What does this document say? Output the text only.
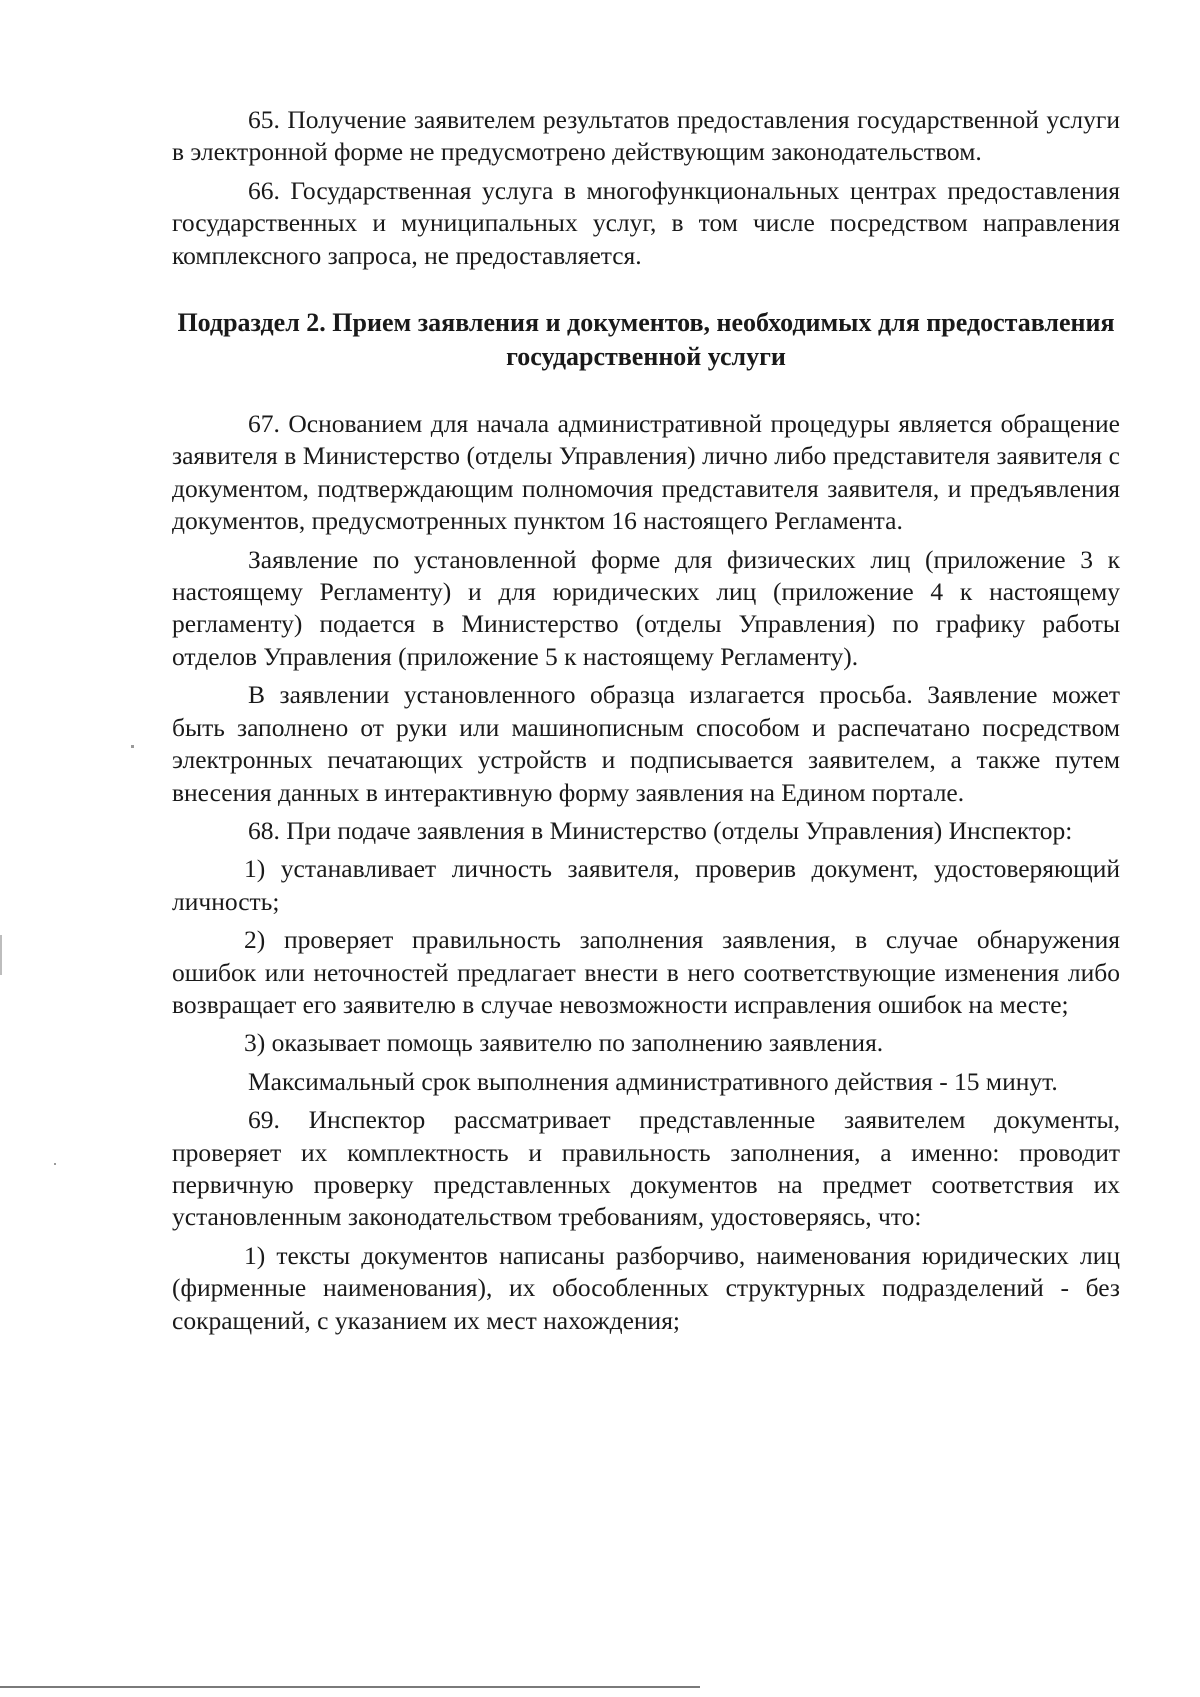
65. Получение заявителем результатов предоставления государственной услуги в электронной форме не предусмотрено действующим законодательством.

66. Государственная услуга в многофункциональных центрах предоставления государственных и муниципальных услуг, в том числе посредством направления комплексного запроса, не предоставляется.

Подраздел 2. Прием заявления и документов, необходимых для предоставления государственной услуги

67. Основанием для начала административной процедуры является обращение заявителя в Министерство (отделы Управления) лично либо представителя заявителя с документом, подтверждающим полномочия представителя заявителя, и предъявления документов, предусмотренных пунктом 16 настоящего Регламента.

Заявление по установленной форме для физических лиц (приложение 3 к настоящему Регламенту) и для юридических лиц (приложение 4 к настоящему регламенту) подается в Министерство (отделы Управления) по графику работы отделов Управления (приложение 5 к настоящему Регламенту).

В заявлении установленного образца излагается просьба. Заявление может быть заполнено от руки или машинописным способом и распечатано посредством электронных печатающих устройств и подписывается заявителем, а также путем внесения данных в интерактивную форму заявления на Едином портале.

68. При подаче заявления в Министерство (отделы Управления) Инспектор:

1) устанавливает личность заявителя, проверив документ, удостоверяющий личность;

2) проверяет правильность заполнения заявления, в случае обнаружения ошибок или неточностей предлагает внести в него соответствующие изменения либо возвращает его заявителю в случае невозможности исправления ошибок на месте;

3) оказывает помощь заявителю по заполнению заявления.

Максимальный срок выполнения административного действия - 15 минут.

69. Инспектор рассматривает представленные заявителем документы, проверяет их комплектность и правильность заполнения, а именно: проводит первичную проверку представленных документов на предмет соответствия их установленным законодательством требованиям, удостоверяясь, что:

1) тексты документов написаны разборчиво, наименования юридических лиц (фирменные наименования), их обособленных структурных подразделений - без сокращений, с указанием их мест нахождения;
